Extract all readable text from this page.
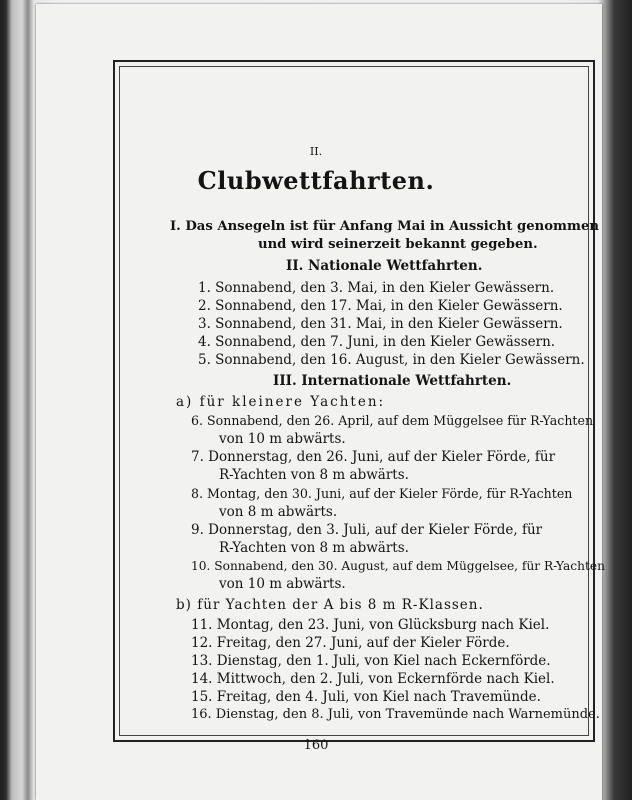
II.
Clubwettfahrten.
I. Das Ansegeln ist für Anfang Mai in Aussicht genommen
und wird seinerzeit bekannt gegeben.
II. Nationale Wettfahrten.
1. Sonnabend, den 3. Mai, in den Kieler Gewässern.
2. Sonnabend, den 17. Mai, in den Kieler Gewässern.
3. Sonnabend, den 31. Mai, in den Kieler Gewässern.
4. Sonnabend, den 7. Juni, in den Kieler Gewässern.
5. Sonnabend, den 16. August, in den Kieler Gewässern.
III. Internationale Wettfahrten.
a) für kleinere Yachten:
6. Sonnabend, den 26. April, auf dem Müggelsee für R-Yachten
von 10 m abwärts.
7. Donnerstag, den 26. Juni, auf der Kieler Förde, für
R-Yachten von 8 m abwärts.
8. Montag, den 30. Juni, auf der Kieler Förde, für R-Yachten
von 8 m abwärts.
9. Donnerstag, den 3. Juli, auf der Kieler Förde, für
R-Yachten von 8 m abwärts.
10. Sonnabend, den 30. August, auf dem Müggelsee, für R-Yachten
von 10 m abwärts.
b) für Yachten der A bis 8 m R-Klassen.
11. Montag, den 23. Juni, von Glücksburg nach Kiel.
12. Freitag, den 27. Juni, auf der Kieler Förde.
13. Dienstag, den 1. Juli, von Kiel nach Eckernförde.
14. Mittwoch, den 2. Juli, von Eckernförde nach Kiel.
15. Freitag, den 4. Juli, von Kiel nach Travemünde.
16. Dienstag, den 8. Juli, von Travemünde nach Warnemünde.
160
